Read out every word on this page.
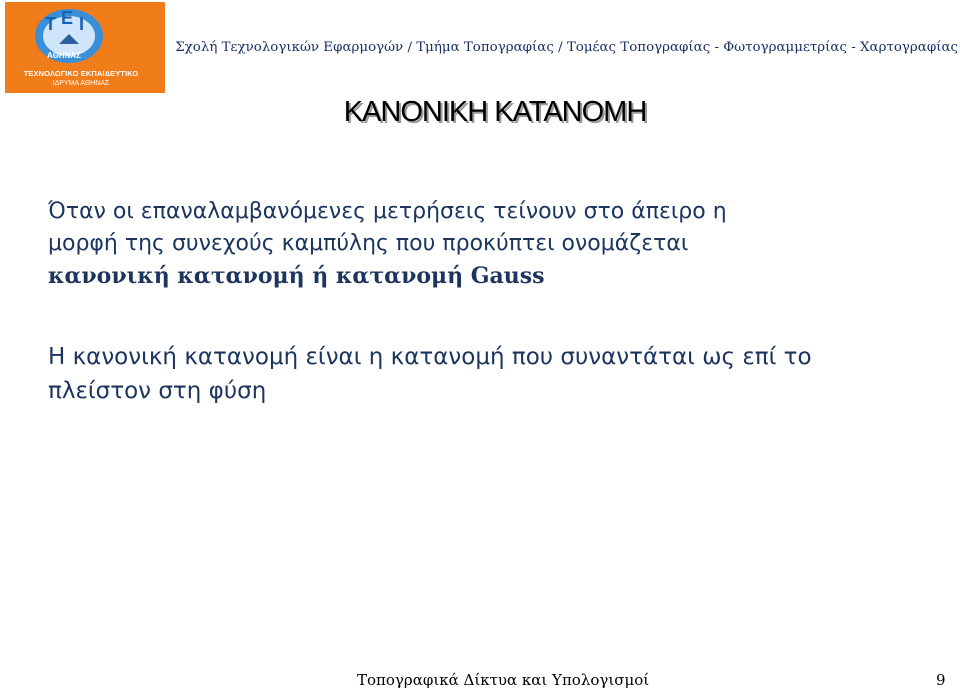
T E I
ΑΘΗΝΑΣ
ΤΕΧΝΟΛΟΓΙΚΟ ΕΚΠΑΙΔΕΥΤΙΚΟ
ΙΔΡΥΜΑ ΑΘΗΝΑΣ
Σχολή Τεχνολογικών Εφαρμογών / Τμήμα Τοπογραφίας / Τομέας Τοπογραφίας - Φωτογραμμετρίας - Χαρτογραφίας
ΚΑΝΟΝΙΚΗ ΚΑΤΑΝΟΜΗ
Όταν οι επαναλαμβανόμενες μετρήσεις τείνουν στο άπειρο η
μορφή της συνεχούς καμπύλης που προκύπτει ονομάζεται
κανονική κατανομή ή κατανομή Gauss
Η κανονική κατανομή είναι η κατανομή που συναντάται ως επί το
πλείστον στη φύση
Τοπογραφικά Δίκτυα και Υπολογισμοί	9
